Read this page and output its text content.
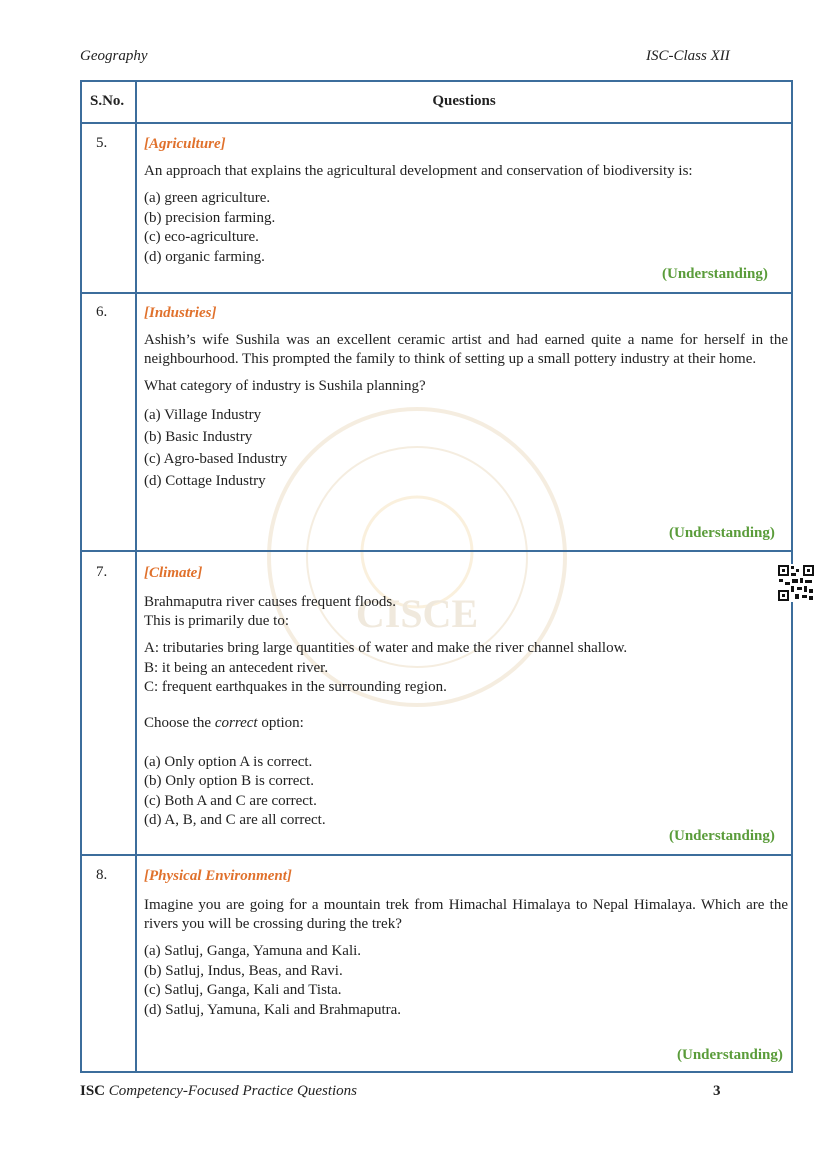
Geography	ISC-Class XII
CISCE
S.No.	Questions
5. [Agriculture]
An approach that explains the agricultural development and conservation of biodiversity is:
(a) green agriculture.
(b) precision farming.
(c) eco-agriculture.
(d) organic farming.
(Understanding)
6. [Industries]
Ashish’s wife Sushila was an excellent ceramic artist and had earned quite a name for herself in the neighbourhood. This prompted the family to think of setting up a small pottery industry at their home.
What category of industry is Sushila planning?
(a) Village Industry
(b) Basic Industry
(c) Agro-based Industry
(d) Cottage Industry
(Understanding)
7. [Climate]
Brahmaputra river causes frequent floods.
This is primarily due to:
A: tributaries bring large quantities of water and make the river channel shallow.
B: it being an antecedent river.
C: frequent earthquakes in the surrounding region.
Choose the correct option:
(a) Only option A is correct.
(b) Only option B is correct.
(c) Both A and C are correct.
(d) A, B, and C are all correct.
(Understanding)
8. [Physical Environment]
Imagine you are going for a mountain trek from Himachal Himalaya to Nepal Himalaya. Which are the rivers you will be crossing during the trek?
(a) Satluj, Ganga, Yamuna and Kali.
(b) Satluj, Indus, Beas, and Ravi.
(c) Satluj, Ganga, Kali and Tista.
(d) Satluj, Yamuna, Kali and Brahmaputra.
(Understanding)
ISC Competency-Focused Practice Questions	3
